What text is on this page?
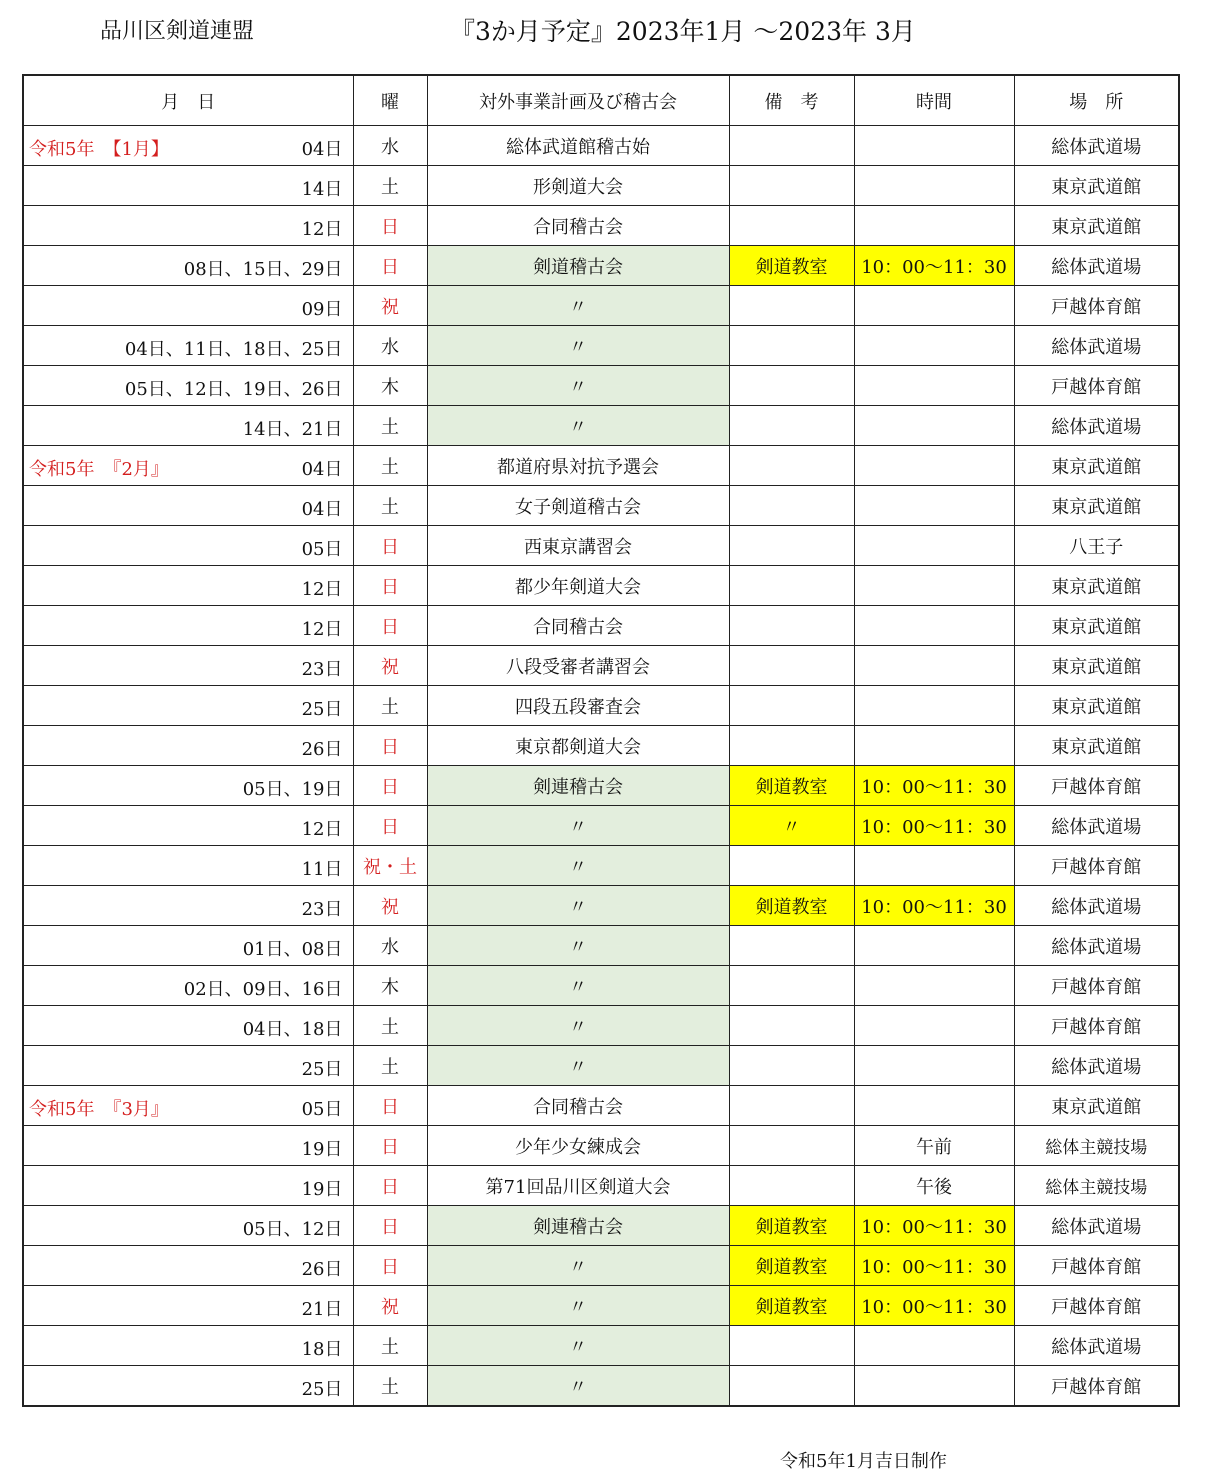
品川区剣道連盟	『3か月予定』2023年1月 〜2023年 3月
月　日	曜	対外事業計画及び稽古会	備　考	時間	場　所

令和5年　【1月】 04日	水	総体武道館稽古始			総体武道場

14日	土	形剣道大会			東京武道館

12日	日	合同稽古会			東京武道館

08日、15日、29日	日	剣道稽古会	剣道教室	10：00〜11：30	総体武道場

09日	祝	〃			戸越体育館

04日、11日、18日、25日	水	〃			総体武道場

05日、12日、19日、26日	木	〃			戸越体育館

14日、21日	土	〃			総体武道場

令和5年　『2月』 04日	土	都道府県対抗予選会			東京武道館

04日	土	女子剣道稽古会			東京武道館

05日	日	西東京講習会			八王子

12日	日	都少年剣道大会			東京武道館

12日	日	合同稽古会			東京武道館

23日	祝	八段受審者講習会			東京武道館

25日	土	四段五段審査会			東京武道館

26日	日	東京都剣道大会			東京武道館

05日、19日	日	剣連稽古会	剣道教室	10：00〜11：30	戸越体育館

12日	日	〃	〃	10：00〜11：30	総体武道場

11日	祝・土	〃			戸越体育館

23日	祝	〃	剣道教室	10：00〜11：30	総体武道場

01日、08日	水	〃			総体武道場

02日、09日、16日	木	〃			戸越体育館

04日、18日	土	〃			戸越体育館

25日	土	〃			総体武道場

令和5年　『3月』 05日	日	合同稽古会			東京武道館

19日	日	少年少女練成会		午前	総体主競技場

19日	日	第71回品川区剣道大会		午後	総体主競技場

05日、12日	日	剣連稽古会	剣道教室	10：00〜11：30	総体武道場

26日	日	〃	剣道教室	10：00〜11：30	戸越体育館

21日	祝	〃	剣道教室	10：00〜11：30	戸越体育館

18日	土	〃			総体武道場

25日	土	〃			戸越体育館
令和5年1月吉日制作
